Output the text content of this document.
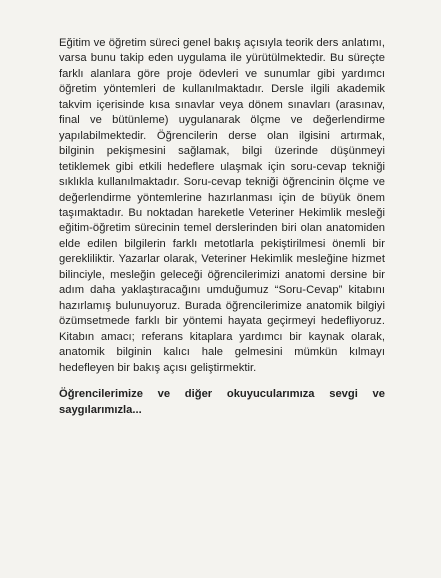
Eğitim ve öğretim süreci genel bakış açısıyla teorik ders anlatımı, varsa bunu takip eden uygulama ile yürütülmektedir. Bu süreçte farklı alanlara göre proje ödevleri ve sunumlar gibi yardımcı öğretim yöntemleri de kullanılmaktadır. Dersle ilgili akademik takvim içerisinde kısa sınavlar veya dönem sınavları (arasınav, final ve bütünleme) uygulanarak ölçme ve değerlendirme yapılabilmektedir. Öğrencilerin derse olan ilgisini artırmak, bilginin pekişmesini sağlamak, bilgi üzerinde düşünmeyi tetiklemek gibi etkili hedeflere ulaşmak için soru-cevap tekniği sıklıkla kullanılmaktadır. Soru-cevap tekniği öğrencinin ölçme ve değerlendirme yöntemlerine hazırlanması için de büyük önem taşımaktadır. Bu noktadan hareketle Veteriner Hekimlik mesleği eğitim-öğretim sürecinin temel derslerinden biri olan anatomiden elde edilen bilgilerin farklı metotlarla pekiştirilmesi önemli bir gerekliliktir. Yazarlar olarak, Veteriner Hekimlik mesleğine hizmet bilinciyle, mesleğin geleceği öğrencilerimizi anatomi dersine bir adım daha yaklaştıracağını umduğumuz “Soru-Cevap” kitabını hazırlamış bulunuyoruz. Burada öğrencilerimize anatomik bilgiyi özümsetmede farklı bir yöntemi hayata geçirmeyi hedefliyoruz. Kitabın amacı; referans kitaplara yardımcı bir kaynak olarak, anatomik bilginin kalıcı hale gelmesini mümkün kılmayı hedefleyen bir bakış açısı geliştirmektir.

Öğrencilerimize ve diğer okuyucularımıza sevgi ve saygılarımızla...
